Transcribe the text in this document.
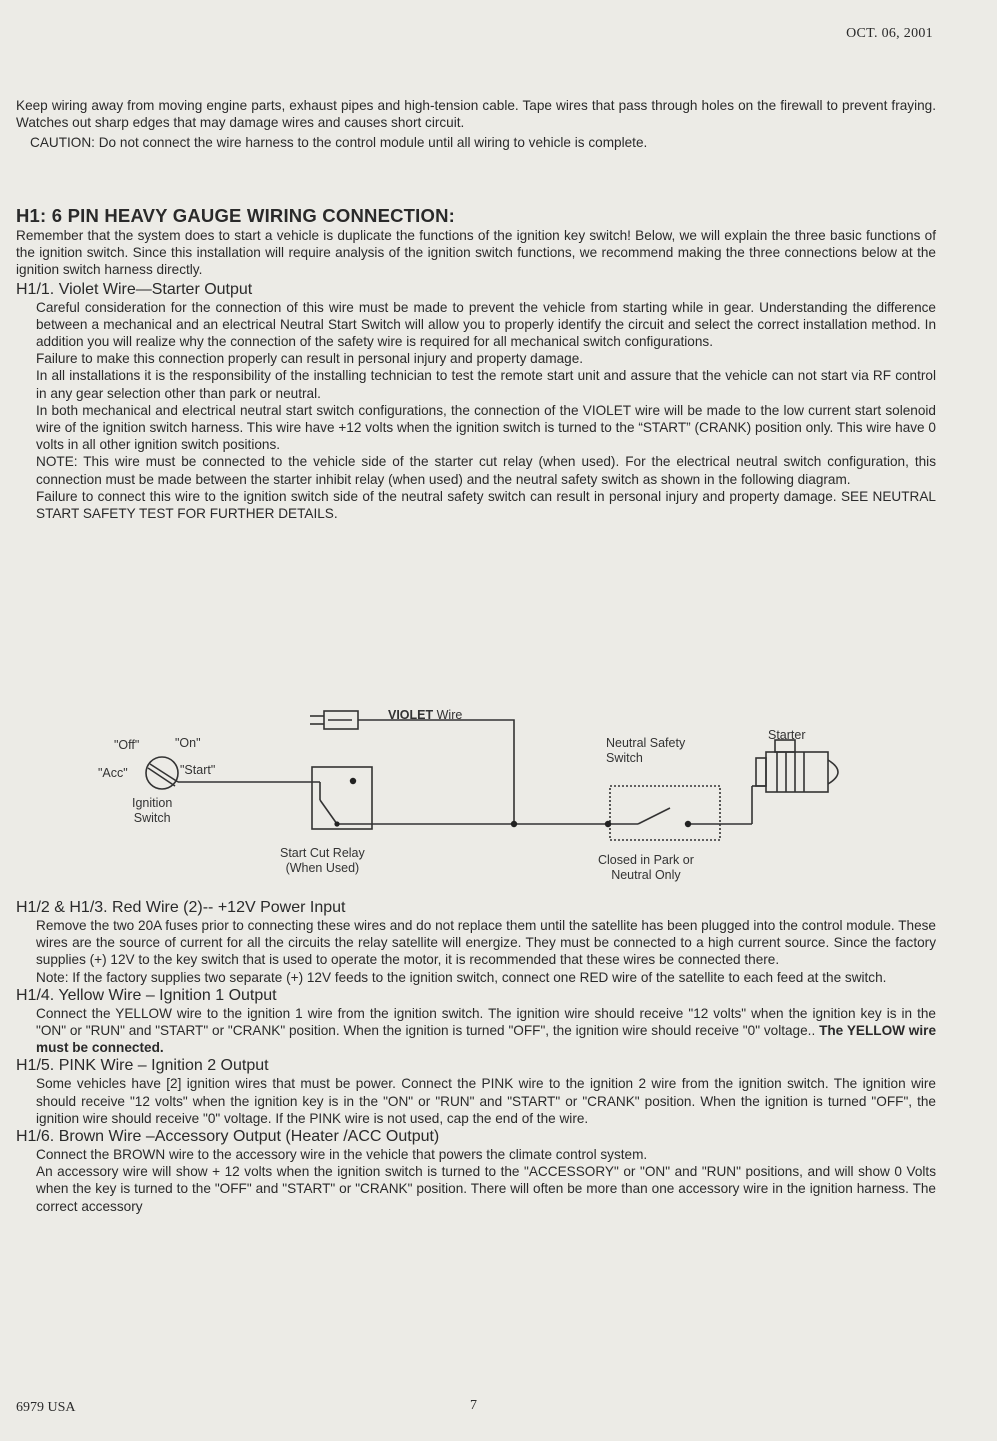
OCT. 06, 2001

Keep wiring away from moving engine parts, exhaust pipes and high-tension cable. Tape wires that pass through holes on the firewall to prevent fraying. Watches out sharp edges that may damage wires and causes short circuit.

CAUTION: Do not connect the wire harness to the control module until all wiring to vehicle is complete.

H1: 6 PIN HEAVY GAUGE WIRING CONNECTION:

Remember that the system does to start a vehicle is duplicate the functions of the ignition key switch! Below, we will explain the three basic functions of the ignition switch. Since this installation will require analysis of the ignition switch functions, we recommend making the three connections below at the ignition switch harness directly.

H1/1. Violet Wire—Starter Output

Careful consideration for the connection of this wire must be made to prevent the vehicle from starting while in gear. Understanding the difference between a mechanical and an electrical Neutral Start Switch will allow you to properly identify the circuit and select the correct installation method. In addition you will realize why the connection of the safety wire is required for all mechanical switch configurations.

Failure to make this connection properly can result in personal injury and property damage.

In all installations it is the responsibility of the installing technician to test the remote start unit and assure that the vehicle can not start via RF control in any gear selection other than park or neutral.

In both mechanical and electrical neutral start switch configurations, the connection of the VIOLET wire will be made to the low current start solenoid wire of the ignition switch harness. This wire have +12 volts when the ignition switch is turned to the “START” (CRANK) position only. This wire have 0 volts in all other ignition switch positions.

NOTE: This wire must be connected to the vehicle side of the starter cut relay (when used). For the electrical neutral switch configuration, this connection must be made between the starter inhibit relay (when used) and the neutral safety switch as shown in the following diagram.

Failure to connect this wire to the ignition switch side of the neutral safety switch can result in personal injury and property damage. SEE NEUTRAL START SAFETY TEST FOR FURTHER DETAILS.

VIOLET Wire
"Off"	"On"
"Acc"	"Start"
Ignition
Switch
Start Cut Relay
(When Used)
Neutral Safety
Switch
Starter
Closed in Park or
Neutral Only

H1/2 & H1/3. Red Wire (2)-- +12V Power Input

Remove the two 20A fuses prior to connecting these wires and do not replace them until the satellite has been plugged into the control module. These wires are the source of current for all the circuits the relay satellite will energize. They must be connected to a high current source. Since the factory supplies (+) 12V to the key switch that is used to operate the motor, it is recommended that these wires be connected there.

Note: If the factory supplies two separate (+) 12V feeds to the ignition switch, connect one RED wire of the satellite to each feed at the switch.

H1/4. Yellow Wire – Ignition 1 Output

Connect the YELLOW wire to the ignition 1 wire from the ignition switch. The ignition wire should receive "12 volts" when the ignition key is in the "ON" or "RUN" and "START" or "CRANK" position. When the ignition is turned "OFF", the ignition wire should receive "0" voltage.. The YELLOW wire must be connected.

H1/5. PINK Wire – Ignition 2 Output

Some vehicles have [2] ignition wires that must be power. Connect the PINK wire to the ignition 2 wire from the ignition switch. The ignition wire should receive "12 volts" when the ignition key is in the "ON" or "RUN" and "START" or "CRANK" position. When the ignition is turned "OFF", the ignition wire should receive "0" voltage. If the PINK wire is not used, cap the end of the wire.

H1/6. Brown Wire –Accessory Output (Heater /ACC Output)

Connect the BROWN wire to the accessory wire in the vehicle that powers the climate control system.

An accessory wire will show + 12 volts when the ignition switch is turned to the "ACCESSORY" or "ON" and "RUN" positions, and will show 0 Volts when the key is turned to the "OFF" and "START" or "CRANK" position. There will often be more than one accessory wire in the ignition harness. The correct accessory

6979 USA	7
